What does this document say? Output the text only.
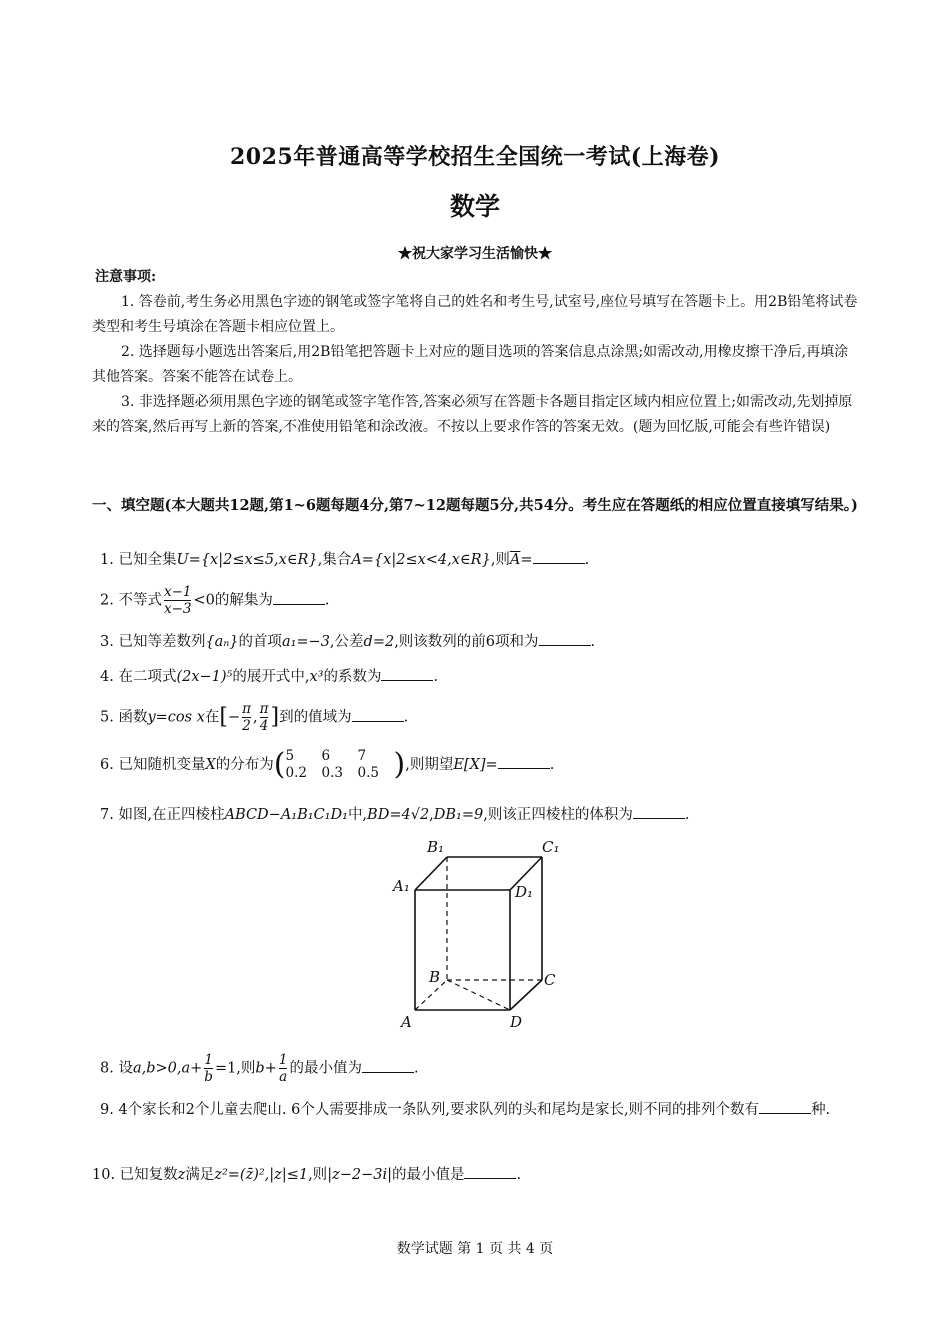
2025年普通高等学校招生全国统一考试(上海卷)
数学
★祝大家学习生活愉快★
注意事项:
1. 答卷前,考生务必用黑色字迹的钢笔或签字笔将自己的姓名和考生号,试室号,座位号填写在答题卡上。用2B铅笔将试卷类型和考生号填涂在答题卡相应位置上。
2. 选择题每小题选出答案后,用2B铅笔把答题卡上对应的题目选项的答案信息点涂黑;如需改动,用橡皮擦干净后,再填涂其他答案。答案不能答在试卷上。
3. 非选择题必须用黑色字迹的钢笔或签字笔作答,答案必须写在答题卡各题目指定区域内相应位置上;如需改动,先划掉原来的答案,然后再写上新的答案,不准使用铅笔和涂改液。不按以上要求作答的答案无效。(题为回忆版,可能会有些许错误)
一、填空题(本大题共12题,第1~6题每题4分,第7~12题每题5分,共54分。考生应在答题纸的相应位置直接填写结果。)
1. 已知全集U={x|2≤x≤5,x∈R},集合A={x|2≤x<4,x∈R},则$\overline{A}=$	.
2. 不等式 $\frac{x-1}{x-3} <0$的解集为	.
3. 已知等差数列{aₙ}的首项a₁=−3,公差d=2,则该数列的前6项和为	.
4. 在二项式(2x−1)⁵的展开式中,x³的系数为	.
5. 函数y=cos x在[− $\frac{\pi}{2}$ , $\frac{\pi}{4}$ ]到的值域为	.
6. 已知随机变量X的分布为( 5 6 7
0.2 0.3 0.5 ),则期望E[X]=	.
7. 如图,在正四棱柱ABCD−A₁B₁C₁D₁中,BD=4√2,DB₁=9,则该正四棱柱的体积为	.
B₁	C₁
A₁	D₁
B	C
A	D
8. 设$a,b>0,a+ \frac{1}{b} =1$,则$b+ \frac{1}{a}$ 的最小值为	.
9. 4个家长和2个儿童去爬山. 6个人需要排成一条队列,要求队列的头和尾均是家长,则不同的排列个数有	种.
10. 已知复数z满足z²=(z̄)²,|z|≤1,则|z−2−3i|的最小值是	.
数学试题 第 1 页 共 4 页
